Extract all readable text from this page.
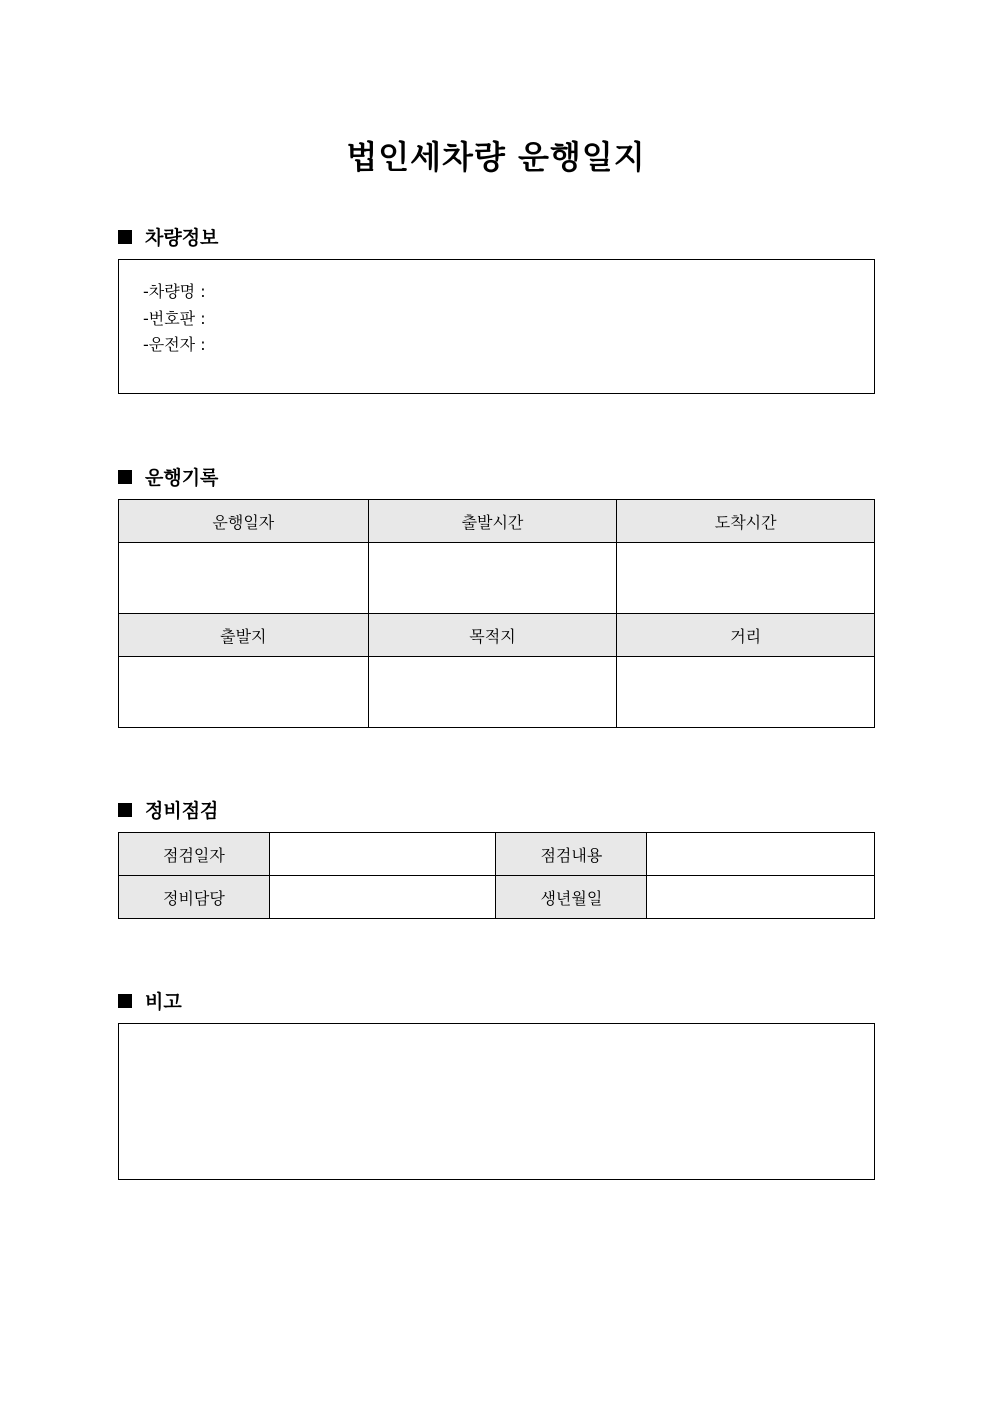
법인세차량 운행일지
차량정보
-차량명 :
-번호판 :
-운전자 :
운행기록
운행일자	출발시간	도착시간

출발지	목적지	거리

정비점검
점검일자		점검내용	
정비담당		생년월일	
비고
